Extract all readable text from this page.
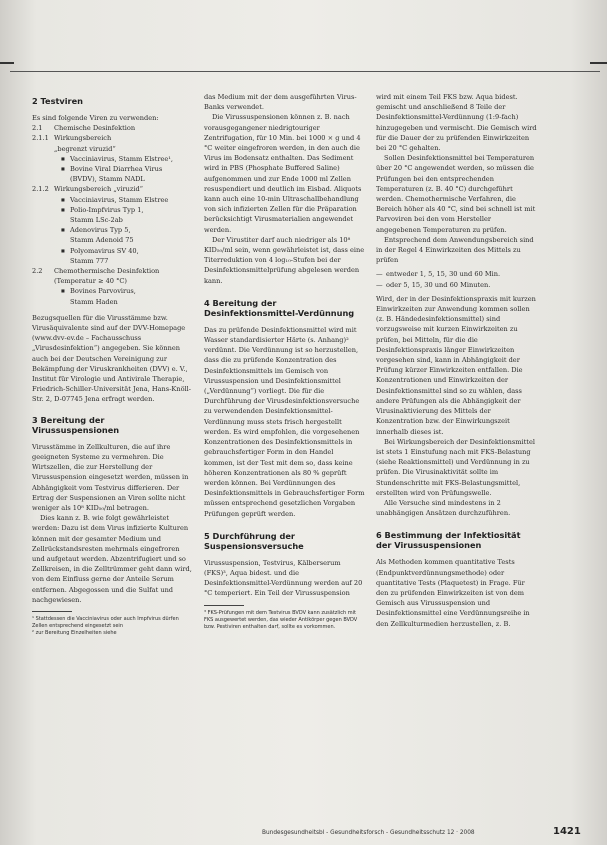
2 Testviren
Es sind folgende Viren zu verwenden:
2.1 Chemische Desinfektion
2.1.1 Wirkungsbereich
„begrenzt viruzid“
■ Vacciniavirus, Stamm Elstree¹,
■ Bovine Viral Diarrhea Virus
(BVDV), Stamm NADL
2.1.2 Wirkungsbereich „viruzid“
■ Vacciniavirus, Stamm Elstree
■ Polio-Impfvirus Typ 1,
Stamm LSc-2ab
■ Adenovirus Typ 5,
Stamm Adenoid 75
■ Polyomavirus SV 40,
Stamm 777
2.2 Chemothermische Desinfektion
(Temperatur ≥ 40 °C)
■ Bovines Parvovirus,
Stamm Haden
Bezugsquellen für die Virusstämme bzw. Virusäquivalente sind auf der DVV-Homepage (www.dvv-ev.de – Fachausschuss „Virusdesinfektion“) angegeben. Sie können auch bei der Deutschen Vereinigung zur Bekämpfung der Viruskrankheiten (DVV) e. V., Institut für Virologie und Antivirale Therapie, Friedrich-Schiller-Universität Jena, Hans-Knöll-Str. 2, D-07745 Jena erfragt werden.
3 Bereitung der Virussuspensionen
Virusstämme in Zellkulturen, die auf ihre geeigneten Systeme zu vermehren. Die Wirtszellen, die zur Herstellung der Virussuspension eingesetzt werden, müssen in Abhängigkeit vom Testvirus differieren. Der Ertrag der Suspensionen an Viren sollte nicht weniger als 10⁸ KID₅₀/ml betragen.
Dies kann z. B. wie folgt gewährleistet werden: Dazu ist dem Virus infizierte Kulturen können mit der gesamter Medium und Zellrückstandsresten mehrmals eingefroren und aufgetaut werden. Abzentrifugiert und so Zellkreisen, in die Zelltrümmer geht dann wird, von dem Einfluss gerne der Anteile Serum entfernen. Abgegossen und die Sulfat und nachgewiesen.
¹ Stattdessen die Vacciniavirus oder auch Impfvirus dürfen Zellen entsprechend eingesetzt sein
² zur Bereitung Einzelheiten siehe
das Medium mit der dem ausgeführten Virus-Banks verwendet.
Die Virussuspensionen können z. B. nach vorausgegangener niedrigtouriger Zentrifugation, für 10 Min. bei 1000 × g und 4 °C weiter eingefroren werden, in den auch die Virus im Bodensatz enthalten. Das Sediment wird in PBS (Phosphate Buffered Saline) aufgenommen und zur Ende 1000 ml Zellen resuspendiert und deutlich im Eisbad. Aliquots kann auch eine 10-min Ultraschallbehandlung von sich infizierten Zellen für die Präparation berücksichtigt Virusmaterialien angewendet werden.
Der Virustiter darf auch niedriger als 10⁸ KID₅₀/ml sein, wenn gewährleistet ist, dass eine Titerreduktion von 4 log₁₀-Stufen bei der Desinfektionsmittelprüfung abgelesen werden kann.
4 Bereitung der Desinfektionsmittel-Verdünnung
Das zu prüfende Desinfektionsmittel wird mit Wasser standardisierter Härte (s. Anhang)² verdünnt. Die Verdünnung ist so herzustellen, dass die zu prüfende Konzentration des Desinfektionsmittels im Gemisch von Virussuspension und Desinfektionsmittel („Verdünnung“) vorliegt. Die für die Durchführung der Virusdesinfektionsversuche zu verwendenden Desinfektionsmittel-Verdünnung muss stets frisch hergestellt werden. Es wird empfohlen, die vorgesehenen Konzentrationen des Desinfektionsmittels in gebrauchsfertiger Form in den Handel kommen, ist der Test mit dem so, dass keine höheren Konzentrationen als 80 % geprüft werden können. Bei Verdünnungen des Desinfektionsmittels in Gebrauchsfertiger Form müssen entsprechend gesetzlichen Vorgaben Prüfungen geprüft werden.
5 Durchführung der Suspensionsversuche
Virussuspension, Testvirus, Kälberserum (FKS)³, Aqua bidest. und die Desinfektionsmittel-Verdünnung werden auf 20 °C temperiert. Ein Teil der Virussuspension
³ FKS-Prüfungen mit dem Testvirus BVDV kann zusätzlich mit FKS ausgewertet werden, das wieder Antikörper gegen BVDV bzw. Pestiviren enthalten darf, sollte es vorkommen.
wird mit einem Teil FKS bzw. Aqua bidest. gemischt und anschließend 8 Teile der Desinfektionsmittel-Verdünnung (1:9-fach) hinzugegeben und vermischt. Die Gemisch wird für die Dauer der zu prüfenden Einwirkzeiten bei 20 °C gehalten.
Sollen Desinfektionsmittel bei Temperaturen über 20 °C angewendet werden, so müssen die Prüfungen bei den entsprechenden Temperaturen (z. B. 40 °C) durchgeführt werden. Chemothermische Verfahren, die Bereich höher als 40 °C, sind bei schnell ist mit Parvoviren bei den vom Hersteller angegebenen Temperaturen zu prüfen.
Entsprechend dem Anwendungsbereich sind in der Regel 4 Einwirkzeiten des Mittels zu prüfen
— entweder 1, 5, 15, 30 und 60 Min.
— oder 5, 15, 30 und 60 Minuten.
Wird, der in der Desinfektionspraxis mit kurzen Einwirkzeiten zur Anwendung kommen sollen (z. B. Händedesinfektionsmittel) sind vorzugsweise mit kurzen Einwirkzeiten zu prüfen, bei Mitteln, für die die Desinfektionspraxis länger Einwirkzeiten vorgesehen sind, kann in Abhängigkeit der Prüfung kürzer Einwirkzeiten entfallen. Die Konzentrationen und Einwirkzeiten der Desinfektionsmittel sind so zu wählen, dass andere Prüfungen als die Abhängigkeit der Virusinaktivierung des Mittels der Konzentration bzw. der Einwirkungszeit innerhalb dieses ist.
Bei Wirkungsbereich der Desinfektionsmittel ist stets 1 Einstufung nach mit FKS-Belastung (siehe Reaktionsmittel) und Verdünnung in zu prüfen. Die Virusinaktivität sollte im Stundenschritte mit FKS-Belastungsmittel, erstellten wird von Prüfungswelle.
Alle Versuche sind mindestens in 2 unabhängigen Ansätzen durchzuführen.
6 Bestimmung der Infektiosität der Virussuspensionen
Als Methoden kommen quantitative Tests (Endpunktverdünnungsmethode) oder quantitative Tests (Plaquetest) in Frage. Für den zu prüfenden Einwirkzeiten ist von dem Gemisch aus Virussuspension und Desinfektionsmittel eine Verdünnungsreihe in den Zellkulturmedien herzustellen, z. B.
Bundesgesundheitsbl - Gesundheitsforsch - Gesundheitsschutz 12 · 2008	1421
